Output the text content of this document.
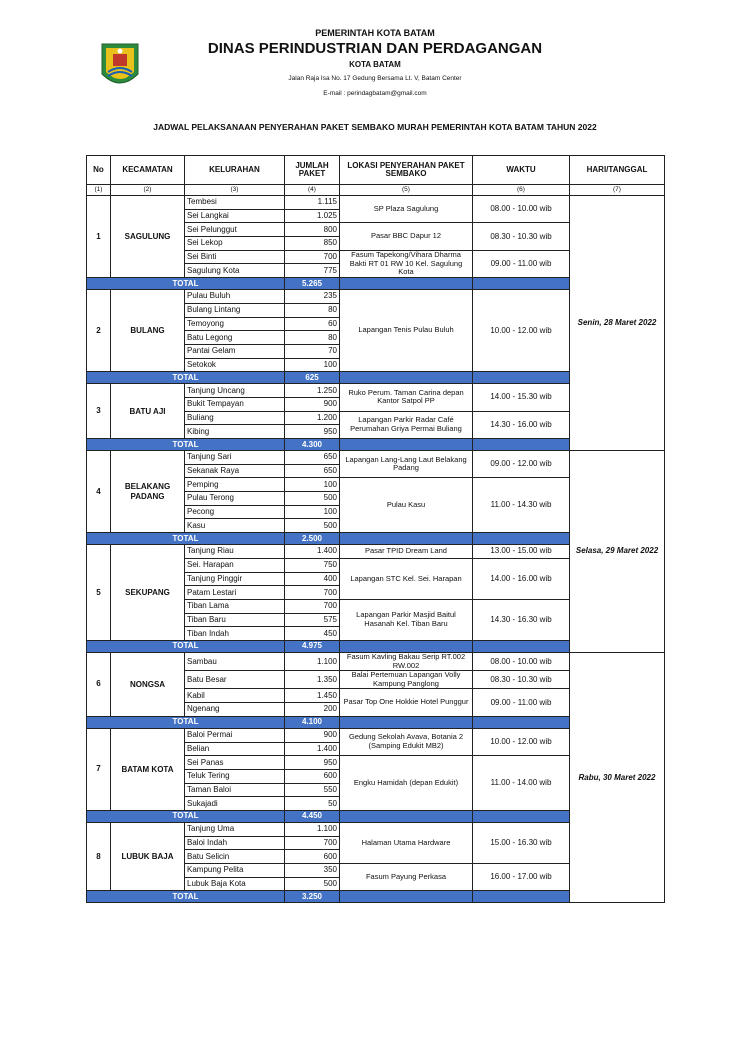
PEMERINTAH KOTA BATAM
DINAS PERINDUSTRIAN DAN PERDAGANGAN
KOTA BATAM
Jalan Raja Isa No. 17 Gedung Bersama Lt. V, Batam Center
E-mail : perindagbatam@gmail.com
JADWAL PELAKSANAAN PENYERAHAN PAKET SEMBAKO MURAH PEMERINTAH KOTA BATAM TAHUN 2022
No	KECAMATAN	KELURAHAN	JUMLAH PAKET	LOKASI PENYERAHAN PAKET SEMBAKO	WAKTU	HARI/TANGGAL
(1)	(2)	(3)	(4)	(5)	(6)	(7)
1	SAGULUNG	Tembesi	1.115	SP Plaza Sagulung	08.00 - 10.00 wib	Senin, 28 Maret 2022
		Sei Langkai	1.025			
		Sei Pelunggut	800	Pasar BBC Dapur 12	08.30 - 10.30 wib	
		Sei Lekop	850			
		Sei Binti	700	Fasum Tapekong/Vihara Dharma Bakti RT 01 RW 10 Kel. Sagulung Kota	09.00 - 11.00 wib	
		Sagulung Kota	775			
TOTAL			5.265			
2	BULANG	Pulau Buluh	235	Lapangan Tenis Pulau Buluh	10.00 - 12.00 wib	
		Bulang Lintang	80			
		Temoyong	60			
		Batu Legong	80			
		Pantai Gelam	70			
		Setokok	100			
TOTAL			625			
3	BATU AJI	Tanjung Uncang	1.250	Ruko Perum. Taman Carina depan Kantor Satpol PP	14.00 - 15.30 wib	
		Bukit Tempayan	900			
		Buliang	1.200	Lapangan Parkir Radar Café Perumahan Griya Permai Buliang	14.30 - 16.00 wib	
		Kibing	950			
TOTAL			4.300			
4	BELAKANG PADANG	Tanjung Sari	650	Lapangan Lang-Lang Laut Belakang Padang	09.00 - 12.00 wib	Selasa, 29 Maret 2022
		Sekanak Raya	650			
		Pemping	100	Pulau Kasu	11.00 - 14.30 wib	
		Pulau Terong	500			
		Pecong	100			
		Kasu	500			
TOTAL			2.500			
5	SEKUPANG	Tanjung Riau	1.400	Pasar TPID Dream Land	13.00 - 15.00 wib	
		Sei. Harapan	750	Lapangan STC Kel. Sei. Harapan	14.00 - 16.00 wib	
		Tanjung Pinggir	400			
		Patam Lestari	700			
		Tiban Lama	700	Lapangan Parkir Masjid Baitul Hasanah Kel. Tiban Baru	14.30 - 16.30 wib	
		Tiban Baru	575			
		Tiban Indah	450			
TOTAL			4.975			
6	NONGSA	Sambau	1.100	Fasum Kavling Bakau Serip RT.002 RW.002	08.00 - 10.00 wib	Rabu, 30 Maret 2022
		Batu Besar	1.350	Balai Pertemuan Lapangan Volly Kampung Panglong	08.30 - 10.30 wib	
		Kabil	1.450	Pasar Top One Hokkie Hotel Punggur	09.00 - 11.00 wib	
		Ngenang	200			
TOTAL			4.100			
7	BATAM KOTA	Baloi Permai	900	Gedung Sekolah Avava, Botania 2 (Samping Edukit MB2)	10.00 - 12.00 wib	
		Belian	1.400			
		Sei Panas	950	Engku Hamidah (depan Edukit)	11.00 - 14.00 wib	
		Teluk Tering	600			
		Taman Baloi	550			
		Sukajadi	50			
TOTAL			4.450			
8	LUBUK BAJA	Tanjung Uma	1.100	Halaman Utama Hardware	15.00 - 16.30 wib	
		Baloi Indah	700			
		Batu Selicin	600			
		Kampung Pelita	350	Fasum Payung Perkasa	16.00 - 17.00 wib	
		Lubuk Baja Kota	500			
TOTAL			3.250			
